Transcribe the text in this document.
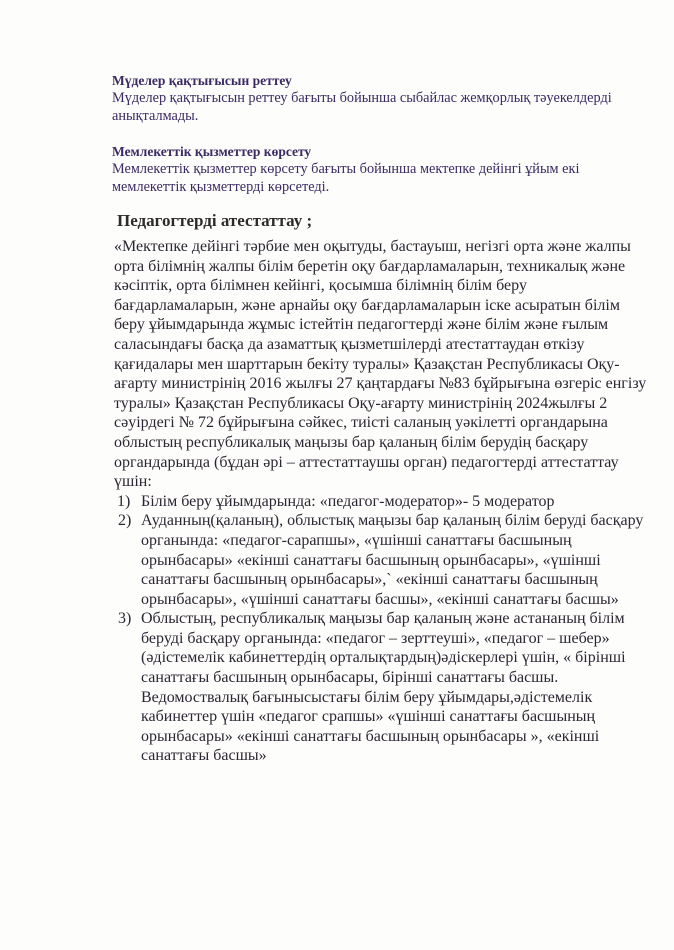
Мүделер қақтығысын реттеу
Мүделер қақтығысын реттеу бағыты бойынша сыбайлас жемқорлық тәуекелдерді анықталмады.
Мемлекеттік қызметтер көрсету
Мемлекеттік қызметтер көрсету бағыты бойынша мектепке дейінгі ұйым екі мемлекеттік қызметтерді көрсетеді.
Педагогтерді атестаттау ;
«Мектепке дейінгі тәрбие мен оқытуды, бастауыш, негізгі орта және жалпы орта білімнің жалпы білім беретін оқу бағдарламаларын, техникалық және кәсіптік, орта білімнен кейінгі, қосымша білімнің білім беру бағдарламаларын, және арнайы оқу бағдарламаларын іске асыратын білім беру ұйымдарында жұмыс істейтін педагогтерді және білім және ғылым саласындағы басқа да азаматтық қызметшілерді атестаттаудан өткізу қағидалары мен шарттарын бекіту туралы» Қазақстан Республикасы Оқу-ағарту министрінің 2016 жылғы 27 қаңтардағы №83 бұйрығына өзгеріс енгізу туралы» Қазақстан Республикасы Оқу-ағарту министрінің 2024жылғы 2 сәуірдегі № 72 бұйрығына сәйкес, тиісті саланың уәкілетті органдарына облыстың республикалық маңызы бар қаланың білім берудің басқару органдарында (бұдан әрі – аттестаттаушы орган) педагогтерді аттестаттау үшін:
1) Білім беру ұйымдарында: «педагог-модератор»- 5 модератор
2) Ауданның(қаланың), облыстық маңызы бар қаланың білім беруді басқару органында: «педагог-сарапшы», «үшінші санаттағы басшының орынбасары» «екінші санаттағы басшының орынбасары», «үшінші санаттағы басшының орынбасары»,` «екінші санаттағы басшының орынбасары», «үшінші санаттағы басшы», «екінші санаттағы басшы»
3) Облыстың, республикалық маңызы бар қаланың және астананың білім беруді басқару органында: «педагог – зерттеуші», «педагог – шебер» (әдістемелік кабинеттердің орталықтардың)әдіскерлері үшін, « бірінші санаттағы басшының орынбасары, бірінші санаттағы басшы. Ведомоствалық бағынысыстағы білім беру ұйымдары,әдістемелік кабинеттер үшін «педагог срапшы» «үшінші санаттағы басшының орынбасары» «екінші санаттағы басшының орынбасары », «екінші санаттағы басшы»
